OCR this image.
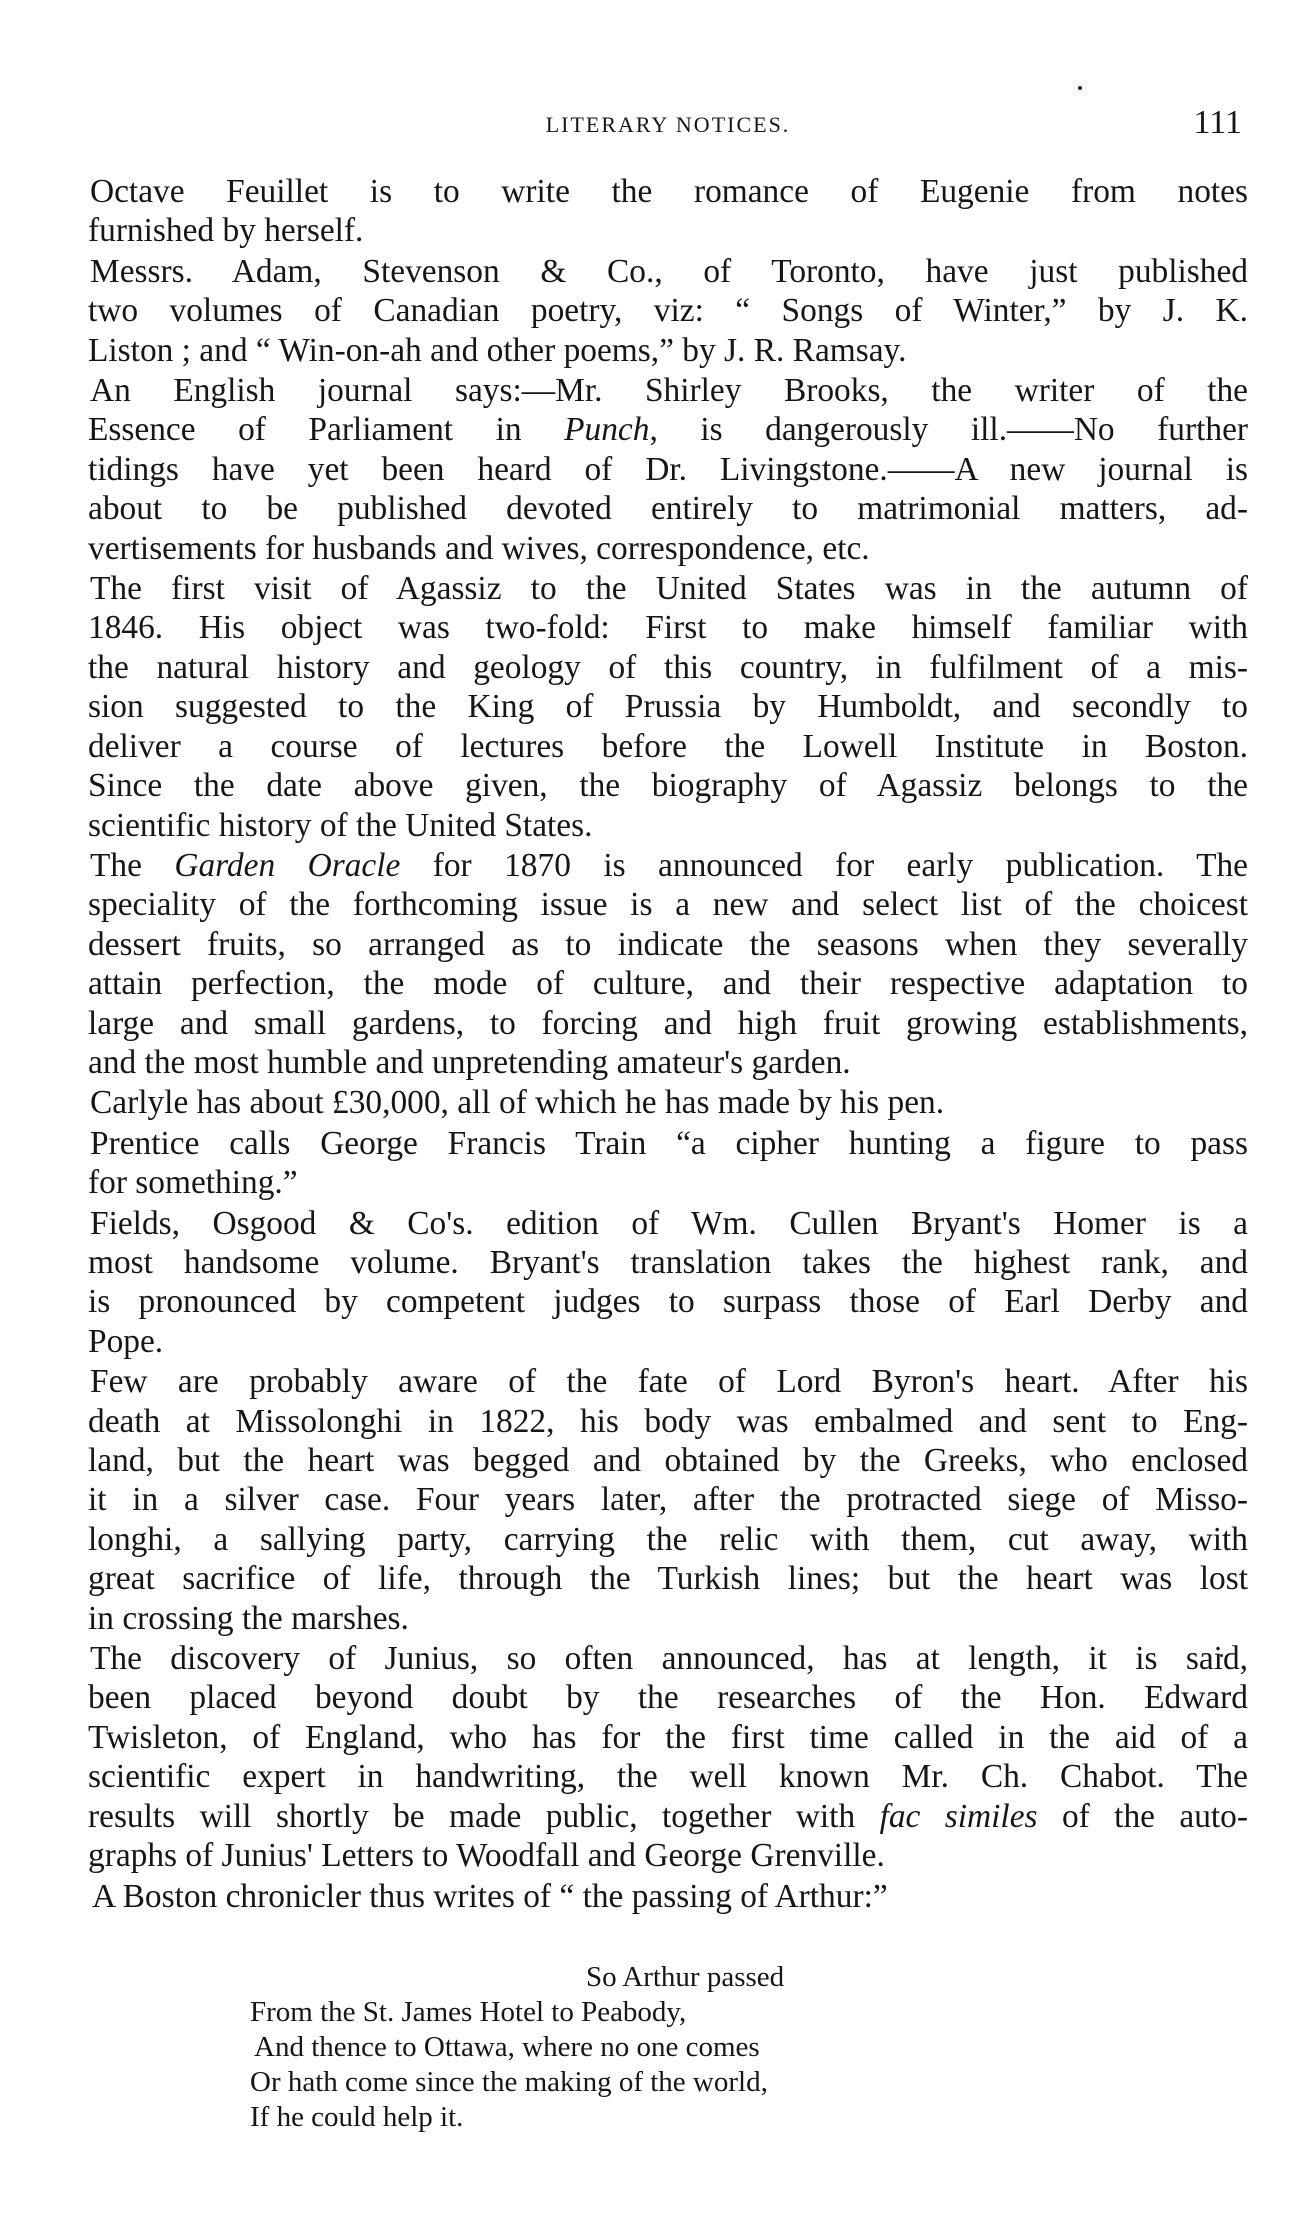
LITERARY NOTICES.	111

Octave Feuillet is to write the romance of Eugenie from notes
furnished by herself.

Messrs. Adam, Stevenson & Co., of Toronto, have just published
two volumes of Canadian poetry, viz: “ Songs of Winter,” by J. K.
Liston ; and “ Win-on-ah and other poems,” by J. R. Ramsay.

An English journal says:—Mr. Shirley Brooks, the writer of the
Essence of Parliament in Punch, is dangerously ill.——No further
tidings have yet been heard of Dr. Livingstone.——A new journal is
about to be published devoted entirely to matrimonial matters, ad-
vertisements for husbands and wives, correspondence, etc.

The first visit of Agassiz to the United States was in the autumn of
1846. His object was two-fold: First to make himself familiar with
the natural history and geology of this country, in fulfilment of a mis-
sion suggested to the King of Prussia by Humboldt, and secondly to
deliver a course of lectures before the Lowell Institute in Boston.
Since the date above given, the biography of Agassiz belongs to the
scientific history of the United States.

The Garden Oracle for 1870 is announced for early publication. The
speciality of the forthcoming issue is a new and select list of the choicest
dessert fruits, so arranged as to indicate the seasons when they severally
attain perfection, the mode of culture, and their respective adaptation to
large and small gardens, to forcing and high fruit growing establishments,
and the most humble and unpretending amateur's garden.

Carlyle has about £30,000, all of which he has made by his pen.

Prentice calls George Francis Train “a cipher hunting a figure to pass
for something.”

Fields, Osgood & Co's. edition of Wm. Cullen Bryant's Homer is a
most handsome volume. Bryant's translation takes the highest rank, and
is pronounced by competent judges to surpass those of Earl Derby and
Pope.

Few are probably aware of the fate of Lord Byron's heart. After his
death at Missolonghi in 1822, his body was embalmed and sent to Eng-
land, but the heart was begged and obtained by the Greeks, who enclosed
it in a silver case. Four years later, after the protracted siege of Misso-
longhi, a sallying party, carrying the relic with them, cut away, with
great sacrifice of life, through the Turkish lines; but the heart was lost
in crossing the marshes.

The discovery of Junius, so often announced, has at length, it is said,
been placed beyond doubt by the researches of the Hon. Edward
Twisleton, of England, who has for the first time called in the aid of a
scientific expert in handwriting, the well known Mr. Ch. Chabot. The
results will shortly be made public, together with fac similes of the auto-
graphs of Junius' Letters to Woodfall and George Grenville.

A Boston chronicler thus writes of “ the passing of Arthur:”

So Arthur passed
From the St. James Hotel to Peabody,
And thence to Ottawa, where no one comes
Or hath come since the making of the world,
If he could help it.
